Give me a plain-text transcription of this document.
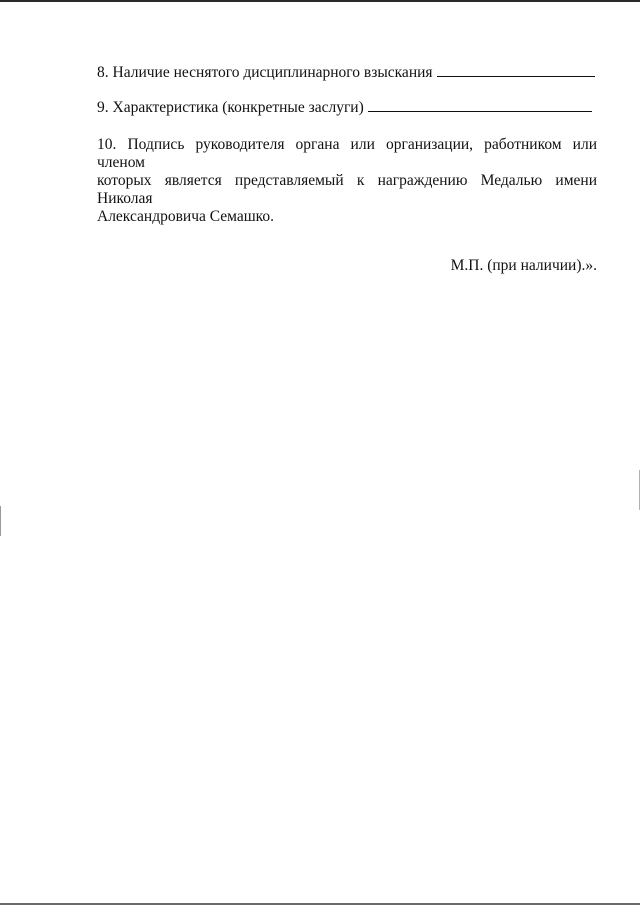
8. Наличие неснятого дисциплинарного взыскания
9. Характеристика (конкретные заслуги)
10. Подпись руководителя органа или организации, работником или членом
которых является представляемый к награждению Медалью имени Николая
Александровича Семашко.
М.П. (при наличии).».
